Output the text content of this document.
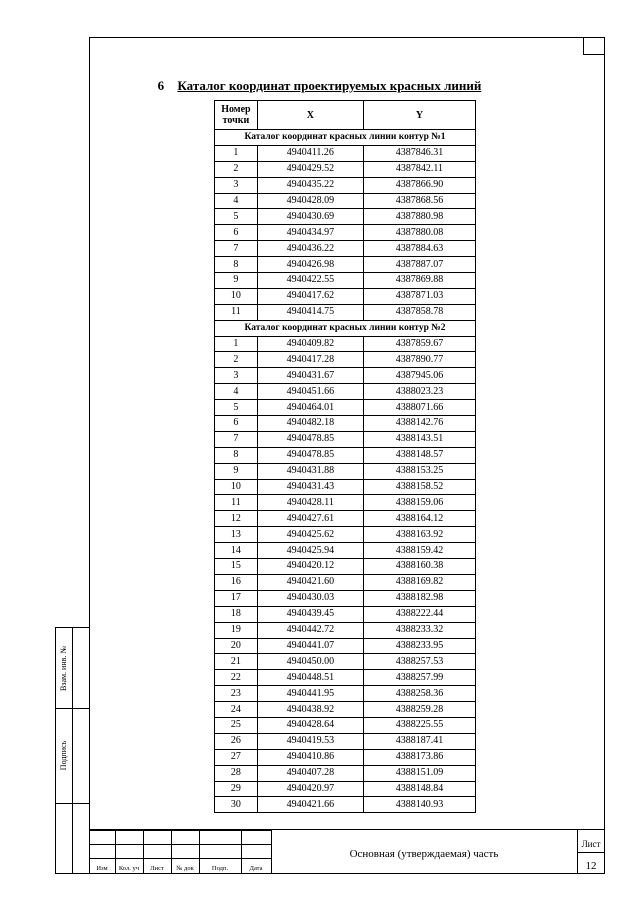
Взам. инв. №
Подпись
6 Каталог координат проектируемых красных линий
Номер точки	X	Y
Каталог координат красных линии контур №1		
1	4940411.26	4387846.31
2	4940429.52	4387842.11
3	4940435.22	4387866.90
4	4940428.09	4387868.56
5	4940430.69	4387880.98
6	4940434.97	4387880.08
7	4940436.22	4387884.63
8	4940426.98	4387887.07
9	4940422.55	4387869.88
10	4940417.62	4387871.03
11	4940414.75	4387858.78
Каталог координат красных линии контур №2		
1	4940409.82	4387859.67
2	4940417.28	4387890.77
3	4940431.67	4387945.06
4	4940451.66	4388023.23
5	4940464.01	4388071.66
6	4940482.18	4388142.76
7	4940478.85	4388143.51
8	4940478.85	4388148.57
9	4940431.88	4388153.25
10	4940431.43	4388158.52
11	4940428.11	4388159.06
12	4940427.61	4388164.12
13	4940425.62	4388163.92
14	4940425.94	4388159.42
15	4940420.12	4388160.38
16	4940421.60	4388169.82
17	4940430.03	4388182.98
18	4940439.45	4388222.44
19	4940442.72	4388233.32
20	4940441.07	4388233.95
21	4940450.00	4388257.53
22	4940448.51	4388257.99
23	4940441.95	4388258.36
24	4940438.92	4388259.28
25	4940428.64	4388225.55
26	4940419.53	4388187.41
27	4940410.86	4388173.86
28	4940407.28	4388151.09
29	4940420.97	4388148.84
30	4940421.66	4388140.93
Изм	Кол. уч	Лист	№ док	Подп.	Дата
Основная (утверждаемая) часть
Лист
12
